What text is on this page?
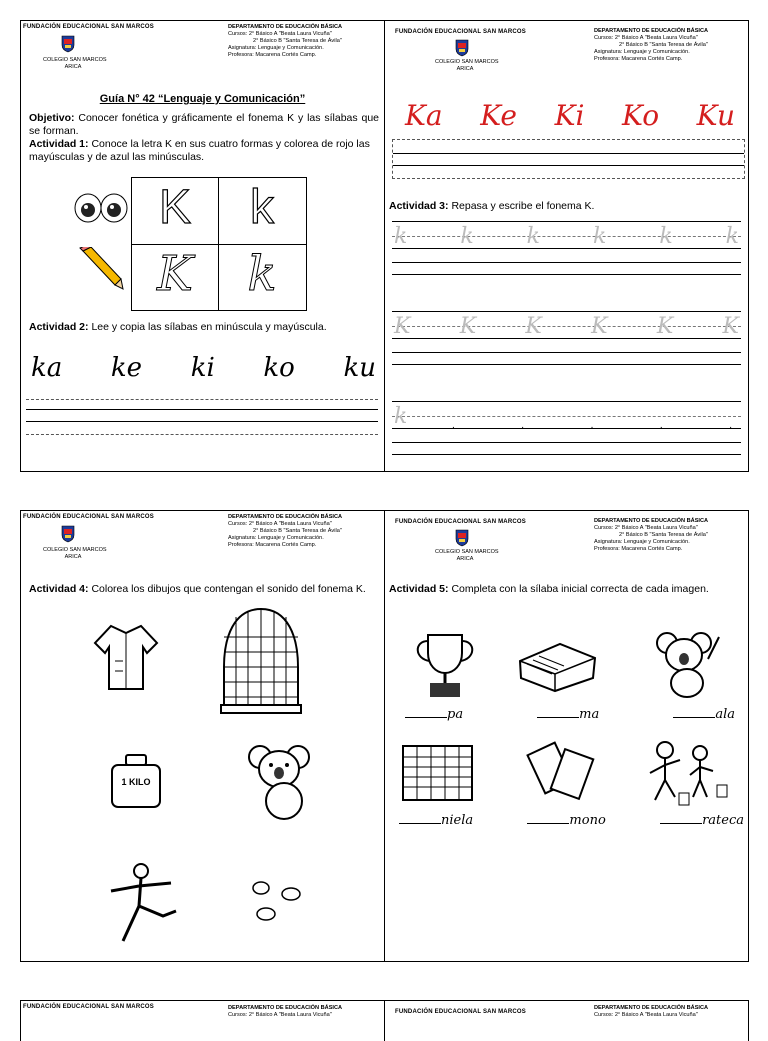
FUNDACIÓN EDUCACIONAL SAN MARCOS
COLEGIO SAN MARCOS
ARICA
DEPARTAMENTO DE EDUCACIÓN BÁSICA
Cursos: 2° Básico A "Beata Laura Vicuña"
2° Básico B "Santa Teresa de Ávila"
Asignatura: Lenguaje y Comunicación.
Profesora: Macarena Cortés Camp.
Guía N° 42 “Lenguaje y Comunicación”
Objetivo: Conocer fonética y gráficamente el fonema K y las sílabas que se forman.
Actividad 1: Conoce la letra K en sus cuatro formas y colorea de rojo las mayúsculas y de azul las minúsculas.
K	k
K	k
Actividad 2: Lee y copia las sílabas en minúscula y mayúscula.
ka ke ki ko ku
FUNDACIÓN EDUCACIONAL SAN MARCOS
COLEGIO SAN MARCOS
ARICA
DEPARTAMENTO DE EDUCACIÓN BÁSICA
Cursos: 2° Básico A "Beata Laura Vicuña"
2° Básico B "Santa Teresa de Ávila"
Asignatura: Lenguaje y Comunicación.
Profesora: Macarena Cortés Camp.
Ka Ke Ki Ko Ku
Actividad 3: Repasa y escribe el fonema K.
k k k k k k
K K K K K K
k	.	.	.	.	.
FUNDACIÓN EDUCACIONAL SAN MARCOS
COLEGIO SAN MARCOS
ARICA
DEPARTAMENTO DE EDUCACIÓN BÁSICA
Cursos: 2° Básico A "Beata Laura Vicuña"
2° Básico B "Santa Teresa de Ávila"
Asignatura: Lenguaje y Comunicación.
Profesora: Macarena Cortés Camp.
Actividad 4: Colorea los dibujos que contengan el sonido del fonema K.
1 KILO
FUNDACIÓN EDUCACIONAL SAN MARCOS
COLEGIO SAN MARCOS
ARICA
DEPARTAMENTO DE EDUCACIÓN BÁSICA
Cursos: 2° Básico A "Beata Laura Vicuña"
2° Básico B "Santa Teresa de Ávila"
Asignatura: Lenguaje y Comunicación.
Profesora: Macarena Cortés Camp.
Actividad 5: Completa con la sílaba inicial correcta de cada imagen.
pa	ma	ala
niela	mono	rateca
FUNDACIÓN EDUCACIONAL SAN MARCOS	DEPARTAMENTO DE EDUCACIÓN BÁSICA
Cursos: 2° Básico A "Beata Laura Vicuña"	FUNDACIÓN EDUCACIONAL SAN MARCOS
DEPARTAMENTO DE EDUCACIÓN BÁSICA
Cursos: 2° Básico A "Beata Laura Vicuña"
